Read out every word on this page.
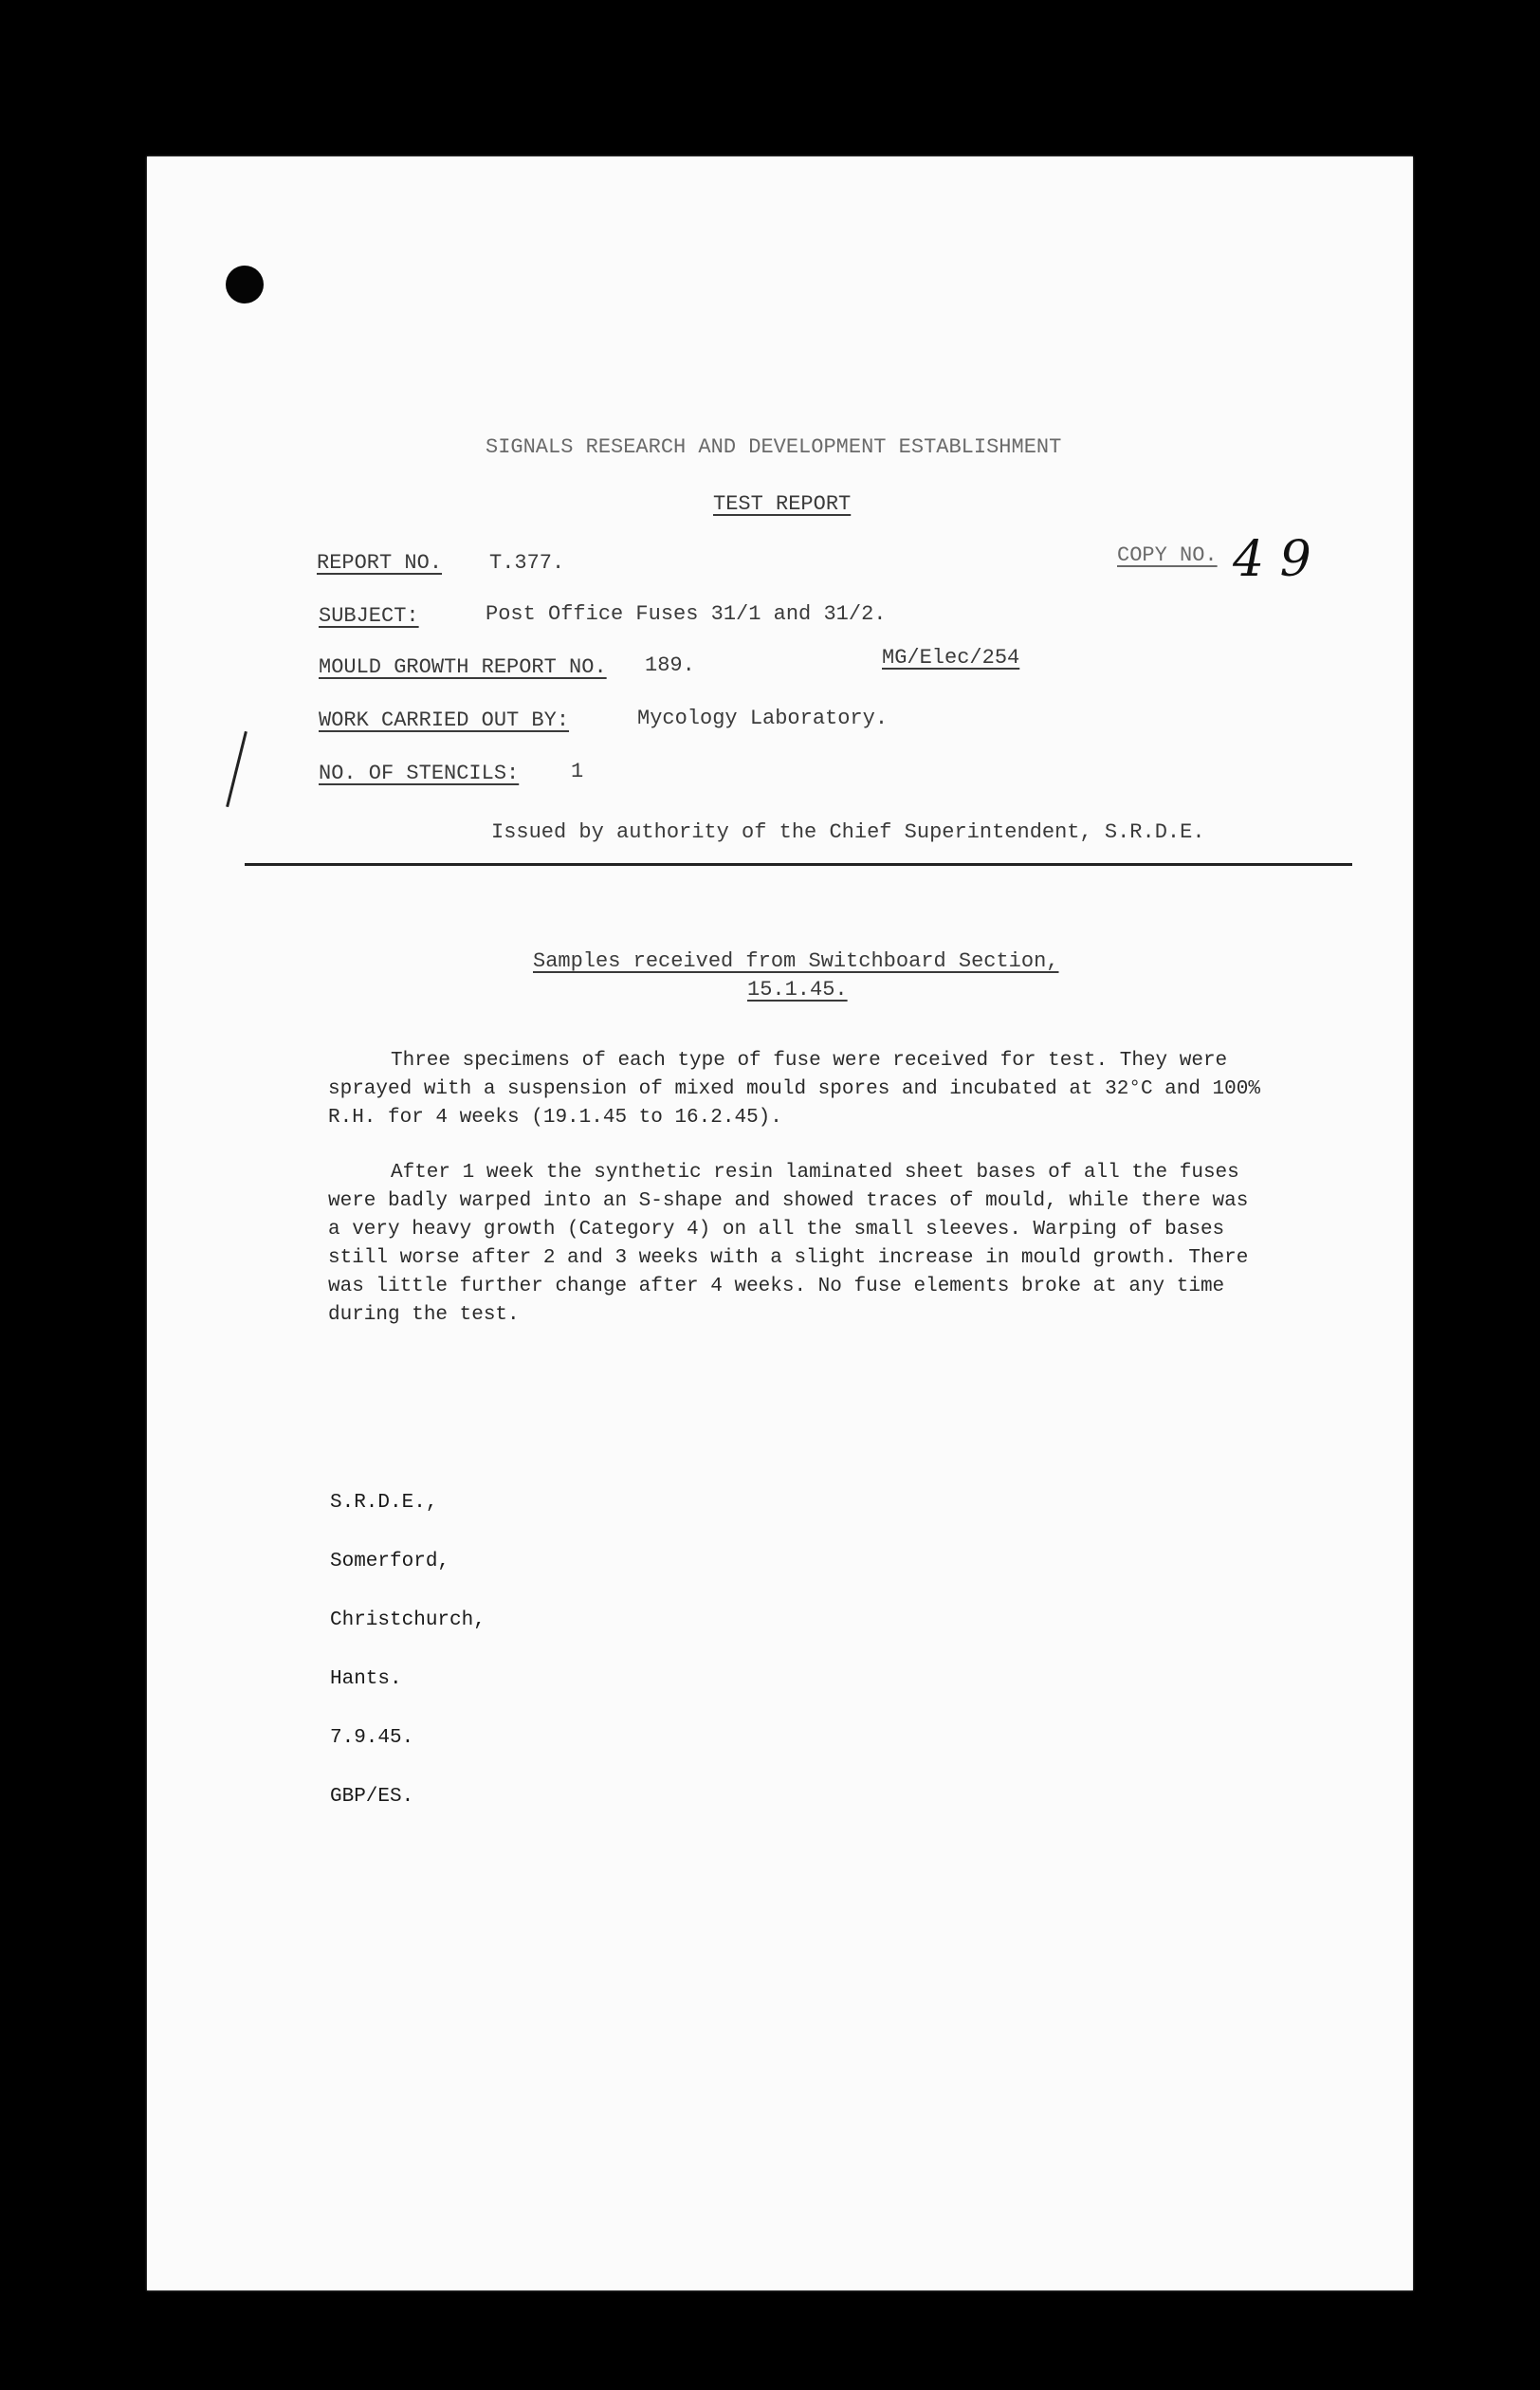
SIGNALS RESEARCH AND DEVELOPMENT ESTABLISHMENT
TEST REPORT
REPORT NO. T.377.	COPY NO. 4 9
SUBJECT:	Post Office Fuses 31/1 and 31/2.
MOULD GROWTH REPORT NO. 189.	MG/Elec/254
WORK CARRIED OUT BY:	Mycology Laboratory.
NO. OF STENCILS: 1
Issued by authority of the Chief Superintendent, S.R.D.E.
Samples received from Switchboard Section,
15.1.45.
Three specimens of each type of fuse were received for test. They were sprayed with a suspension of mixed mould spores and incubated at 32°C and 100% R.H. for 4 weeks (19.1.45 to 16.2.45).
After 1 week the synthetic resin laminated sheet bases of all the fuses were badly warped into an S-shape and showed traces of mould, while there was a very heavy growth (Category 4) on all the small sleeves. Warping of bases still worse after 2 and 3 weeks with a slight increase in mould growth. There was little further change after 4 weeks. No fuse elements broke at any time during the test.

S.R.D.E.,

Somerford,

Christchurch,

Hants.

7.9.45.

GBP/ES.
